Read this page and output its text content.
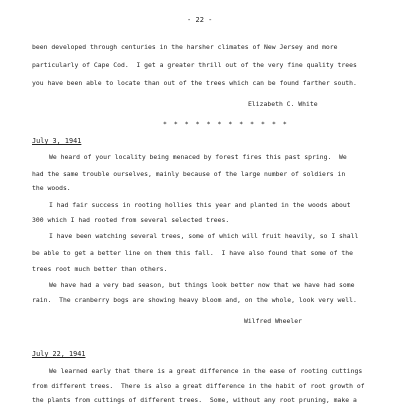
- 22 -
been developed through centuries in the harsher climates of New Jersey and more
particularly of Cape Cod.  I get a greater thrill out of the very fine quality trees
you have been able to locate than out of the trees which can be found farther south.
Elizabeth C. White
* * * * * * * * * * * *
July 3, 1941
We heard of your locality being menaced by forest fires this past spring.  We
had the same trouble ourselves, mainly because of the large number of soldiers in
the woods.
I had fair success in rooting hollies this year and planted in the woods about
300 which I had rooted from several selected trees.
I have been watching several trees, some of which will fruit heavily, so I shall
be able to get a better line on them this fall.  I have also found that some of the
trees root much better than others.
We have had a very bad season, but things look better now that we have had some
rain.  The cranberry bogs are showing heavy bloom and, on the whole, look very well.
Wilfred Wheeler
July 22, 1941
We learned early that there is a great difference in the ease of rooting cuttings
from different trees.  There is also a great difference in the habit of root growth of
the plants from cuttings of different trees.  Some, without any root pruning, make a
